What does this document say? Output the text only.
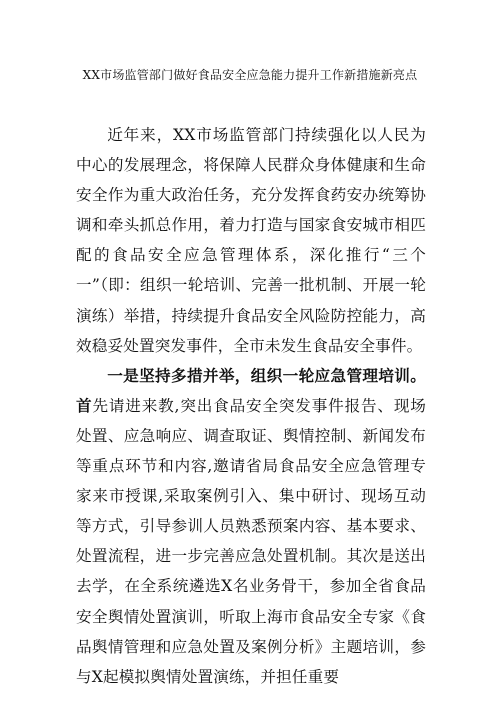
XX市场监管部门做好食品安全应急能力提升工作新措施新亮点

近年来，XX市场监管部门持续强化以人民为中心的发展理念，将保障人民群众身体健康和生命安全作为重大政治任务，充分发挥食药安办统筹协调和牵头抓总作用，着力打造与国家食安城市相匹配的食品安全应急管理体系，深化推行“三个一”（即：组织一轮培训、完善一批机制、开展一轮演练）举措，持续提升食品安全风险防控能力，高效稳妥处置突发事件，全市未发生食品安全事件。

一是坚持多措并举，组织一轮应急管理培训。首先请进来教,突出食品安全突发事件报告、现场处置、应急响应、调查取证、舆情控制、新闻发布等重点环节和内容,邀请省局食品安全应急管理专家来市授课,采取案例引入、集中研讨、现场互动等方式，引导参训人员熟悉预案内容、基本要求、处置流程，进一步完善应急处置机制。其次是送出去学，在全系统遴选X名业务骨干，参加全省食品安全舆情处置演训，听取上海市食品安全专家《食品舆情管理和应急处置及案例分析》主题培训，参与X起模拟舆情处置演练，并担任重要
